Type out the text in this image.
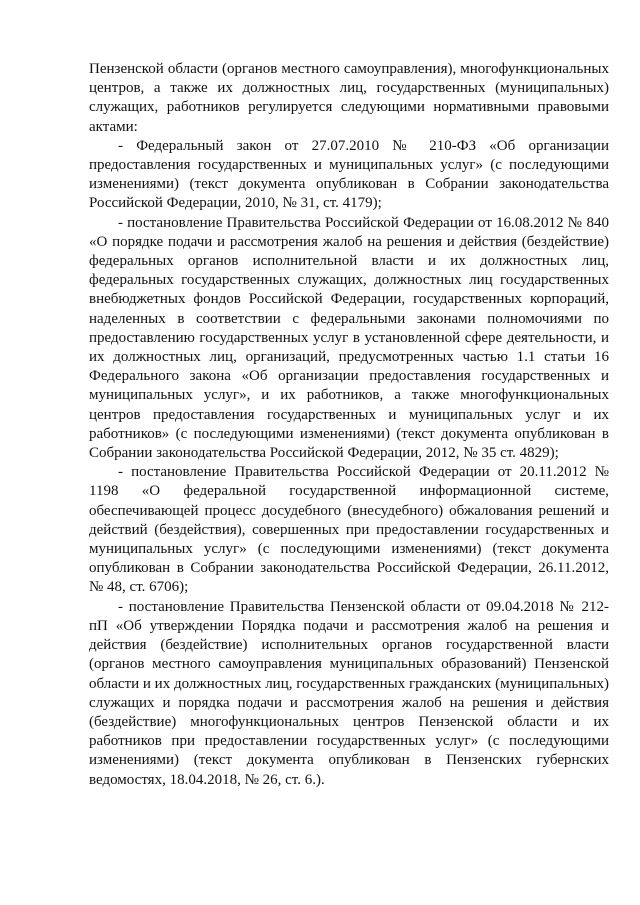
Пензенской области (органов местного самоуправления), многофункциональных центров, а также их должностных лиц, государственных (муниципальных) служащих, работников регулируется следующими нормативными правовыми актами:

- Федеральный закон от 27.07.2010 № 210-ФЗ «Об организации предоставления государственных и муниципальных услуг» (с последующими изменениями) (текст документа опубликован в Собрании законодательства Российской Федерации, 2010, № 31, ст. 4179);

- постановление Правительства Российской Федерации от 16.08.2012 № 840 «О порядке подачи и рассмотрения жалоб на решения и действия (бездействие) федеральных органов исполнительной власти и их должностных лиц, федеральных государственных служащих, должностных лиц государственных внебюджетных фондов Российской Федерации, государственных корпораций, наделенных в соответствии с федеральными законами полномочиями по предоставлению государственных услуг в установленной сфере деятельности, и их должностных лиц, организаций, предусмотренных частью 1.1 статьи 16 Федерального закона «Об организации предоставления государственных и муниципальных услуг», и их работников, а также многофункциональных центров предоставления государственных и муниципальных услуг и их работников» (с последующими изменениями) (текст документа опубликован в Собрании законодательства Российской Федерации, 2012, № 35 ст. 4829);

- постановление Правительства Российской Федерации от 20.11.2012 № 1198 «О федеральной государственной информационной системе, обеспечивающей процесс досудебного (внесудебного) обжалования решений и действий (бездействия), совершенных при предоставлении государственных и муниципальных услуг» (с последующими изменениями) (текст документа опубликован в Собрании законодательства Российской Федерации, 26.11.2012, № 48, ст. 6706);

- постановление Правительства Пензенской области от 09.04.2018 № 212-пП «Об утверждении Порядка подачи и рассмотрения жалоб на решения и действия (бездействие) исполнительных органов государственной власти (органов местного самоуправления муниципальных образований) Пензенской области и их должностных лиц, государственных гражданских (муниципальных) служащих и порядка подачи и рассмотрения жалоб на решения и действия (бездействие) многофункциональных центров Пензенской области и их работников при предоставлении государственных услуг» (с последующими изменениями) (текст документа опубликован в Пензенских губернских ведомостях, 18.04.2018, № 26, ст. 6.).
